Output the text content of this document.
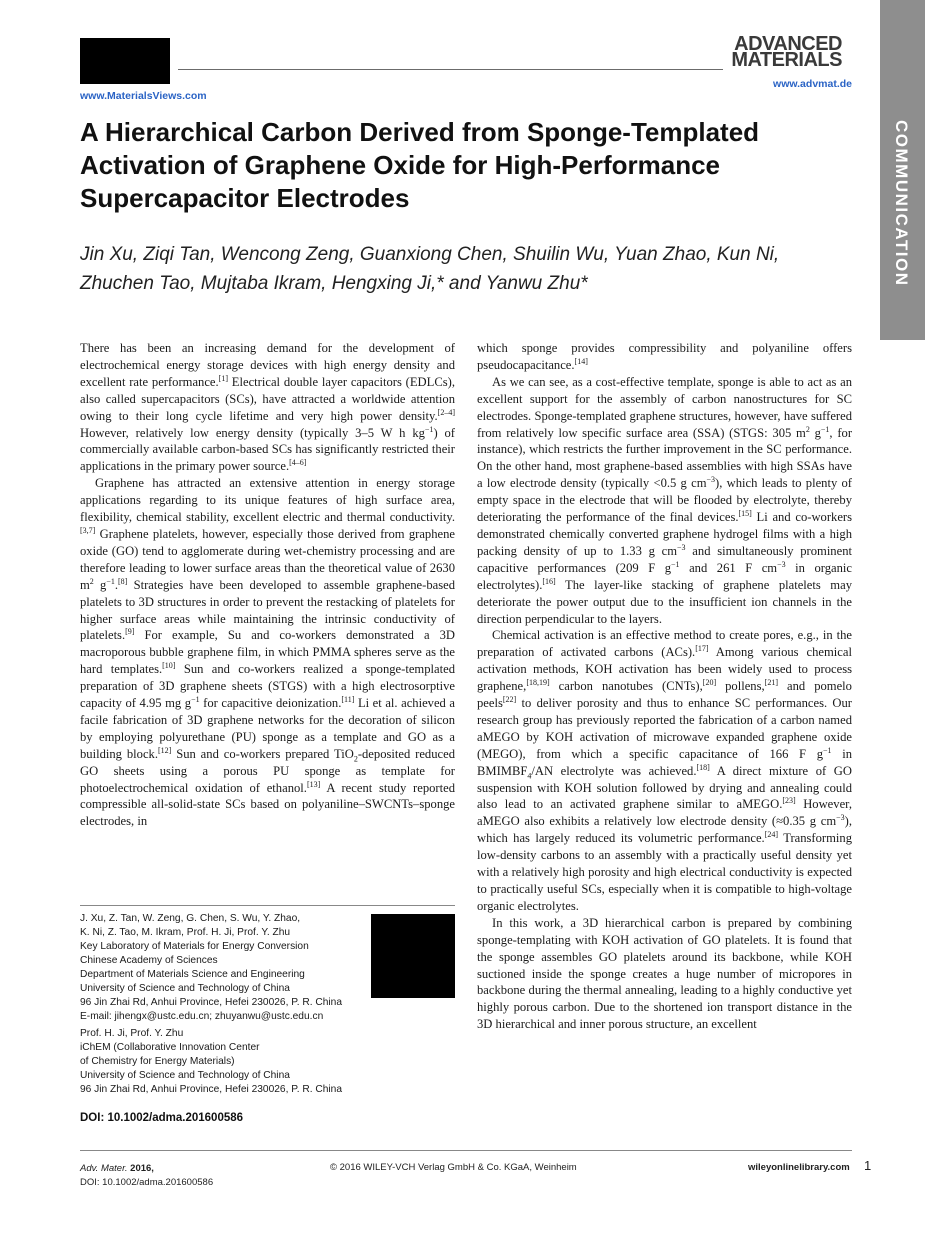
www.MaterialsViews.com
ADVANCED
MATERIALS
www.advmat.de
COMMUNICATION
A Hierarchical Carbon Derived from Sponge-Templated Activation of Graphene Oxide for High-Performance Supercapacitor Electrodes
Jin Xu, Ziqi Tan, Wencong Zeng, Guanxiong Chen, Shuilin Wu, Yuan Zhao, Kun Ni,
Zhuchen Tao, Mujtaba Ikram, Hengxing Ji,* and Yanwu Zhu*

There has been an increasing demand for the development of electrochemical energy storage devices with high energy density and excellent rate performance.[1] Electrical double layer capacitors (EDLCs), also called supercapacitors (SCs), have attracted a worldwide attention owing to their long cycle lifetime and very high power density.[2–4] However, relatively low energy density (typically 3–5 W h $kg^{-1}$) of commercially available carbon-based SCs has significantly restricted their applications in the primary power source.[4–6]

Graphene has attracted an extensive attention in energy storage applications regarding to its unique features of high surface area, flexibility, chemical stability, excellent electric and thermal conductivity.[3,7] Graphene platelets, however, especially those derived from graphene oxide (GO) tend to agglomerate during wet-chemistry processing and are therefore leading to lower surface areas than the theoretical value of 2630 $m^2$ $g^{-1}.[8]$ Strategies have been developed to assemble graphene-based platelets to 3D structures in order to prevent the restacking of platelets for higher surface areas while maintaining the intrinsic conductivity of platelets.[9] For example, Su and co-workers demonstrated a 3D macroporous bubble graphene film, in which PMMA spheres serve as the hard templates.[10] Sun and co-workers realized a sponge-templated preparation of 3D graphene sheets (STGS) with a high electrosorptive capacity of 4.95 mg $g^{-1}$ for capacitive deionization.[11] Li et al. achieved a facile fabrication of 3D graphene networks for the decoration of silicon by employing polyurethane (PU) sponge as a template and GO as a building block.[12] Sun and co-workers prepared TiO$_2$-deposited reduced GO sheets using a porous PU sponge as template for photoelectrochemical oxidation of ethanol.[13] A recent study reported compressible all-solid-state SCs based on polyaniline–SWCNTs–sponge electrodes, in

J. Xu, Z. Tan, W. Zeng, G. Chen, S. Wu, Y. Zhao,
K. Ni, Z. Tao, M. Ikram, Prof. H. Ji, Prof. Y. Zhu
Key Laboratory of Materials for Energy Conversion
Chinese Academy of Sciences
Department of Materials Science and Engineering
University of Science and Technology of China
96 Jin Zhai Rd, Anhui Province, Hefei 230026, P. R. China
E-mail: jihengx@ustc.edu.cn; zhuyanwu@ustc.edu.cn
Prof. H. Ji, Prof. Y. Zhu
iChEM (Collaborative Innovation Center
of Chemistry for Energy Materials)
University of Science and Technology of China
96 Jin Zhai Rd, Anhui Province, Hefei 230026, P. R. China
DOI: 10.1002/adma.201600586

which sponge provides compressibility and polyaniline offers pseudocapacitance.[14]

As we can see, as a cost-effective template, sponge is able to act as an excellent support for the assembly of carbon nanostructures for SC electrodes. Sponge-templated graphene structures, however, have suffered from relatively low specific surface area (SSA) (STGS: 305 $m^2$ $g^{-1}$, for instance), which restricts the further improvement in the SC performance. On the other hand, most graphene-based assemblies with high SSAs have a low electrode density (typically <0.5 g $cm^{-3}$), which leads to plenty of empty space in the electrode that will be flooded by electrolyte, thereby deteriorating the performance of the final devices.[15] Li and co-workers demonstrated chemically converted graphene hydrogel films with a high packing density of up to 1.33 g $cm^{-3}$ and simultaneously prominent capacitive performances (209 F $g^{-1}$ and 261 F $cm^{-3}$ in organic electrolytes).[16] The layer-like stacking of graphene platelets may deteriorate the power output due to the insufficient ion channels in the direction perpendicular to the layers.

Chemical activation is an effective method to create pores, e.g., in the preparation of activated carbons (ACs).[17] Among various chemical activation methods, KOH activation has been widely used to process graphene,[18,19] carbon nanotubes (CNTs),[20] pollens,[21] and pomelo peels[22] to deliver porosity and thus to enhance SC performances. Our research group has previously reported the fabrication of a carbon named aMEGO by KOH activation of microwave expanded graphene oxide (MEGO), from which a specific capacitance of 166 F $g^{-1}$ in $BMIMBF_4/AN$ electrolyte was achieved.[18] A direct mixture of GO suspension with KOH solution followed by drying and annealing could also lead to an activated graphene similar to aMEGO.[23] However, aMEGO also exhibits a relatively low electrode density (≈0.35 g $cm^{-3}$), which has largely reduced its volumetric performance.[24] Transforming low-density carbons to an assembly with a practically useful density yet with a relatively high porosity and high electrical conductivity is expected to practically useful SCs, especially when it is compatible to high-voltage organic electrolytes.

In this work, a 3D hierarchical carbon is prepared by combining sponge-templating with KOH activation of GO platelets. It is found that the sponge assembles GO platelets around its backbone, while KOH suctioned inside the sponge creates a huge number of micropores in backbone during the thermal annealing, leading to a highly conductive yet highly porous carbon. Due to the shortened ion transport distance in the 3D hierarchical and inner porous structure, an excellent

Adv. Mater. 2016,
DOI: 10.1002/adma.201600586
© 2016 WILEY-VCH Verlag GmbH & Co. KGaA, Weinheim	wileyonlinelibrary.com 1
